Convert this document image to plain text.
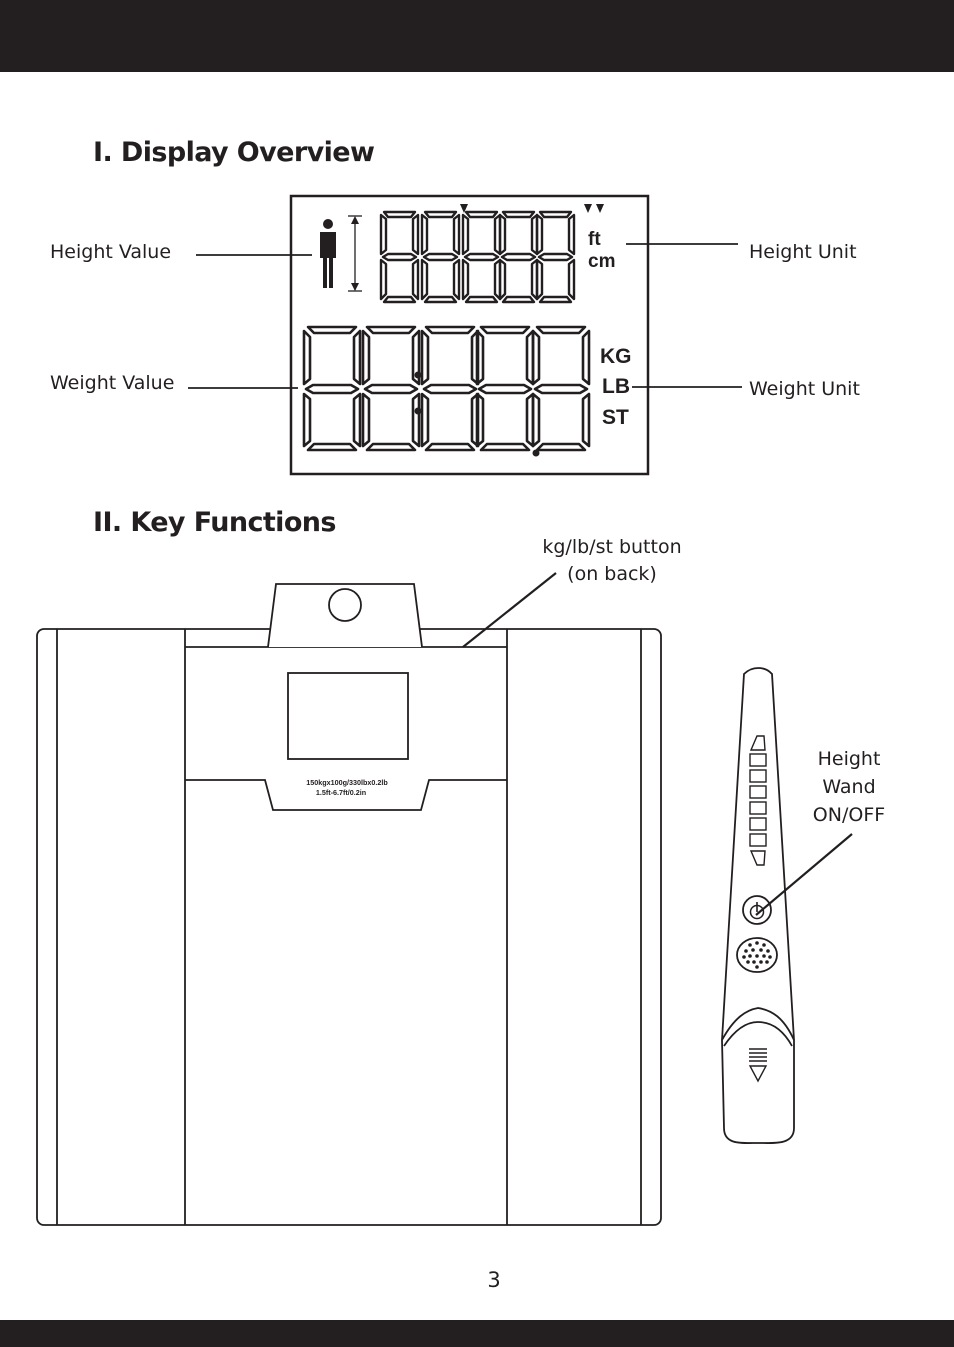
I. Display Overview
ft
cm
KG
LB
ST
150kgx100g/330lbx0.2lb
1.5ft-6.7ft/0.2in
Height Value
Weight Value
Height Unit
Weight Unit
II. Key Functions
kg/lb/st button
(on back)
Height
Wand
ON/OFF
3
